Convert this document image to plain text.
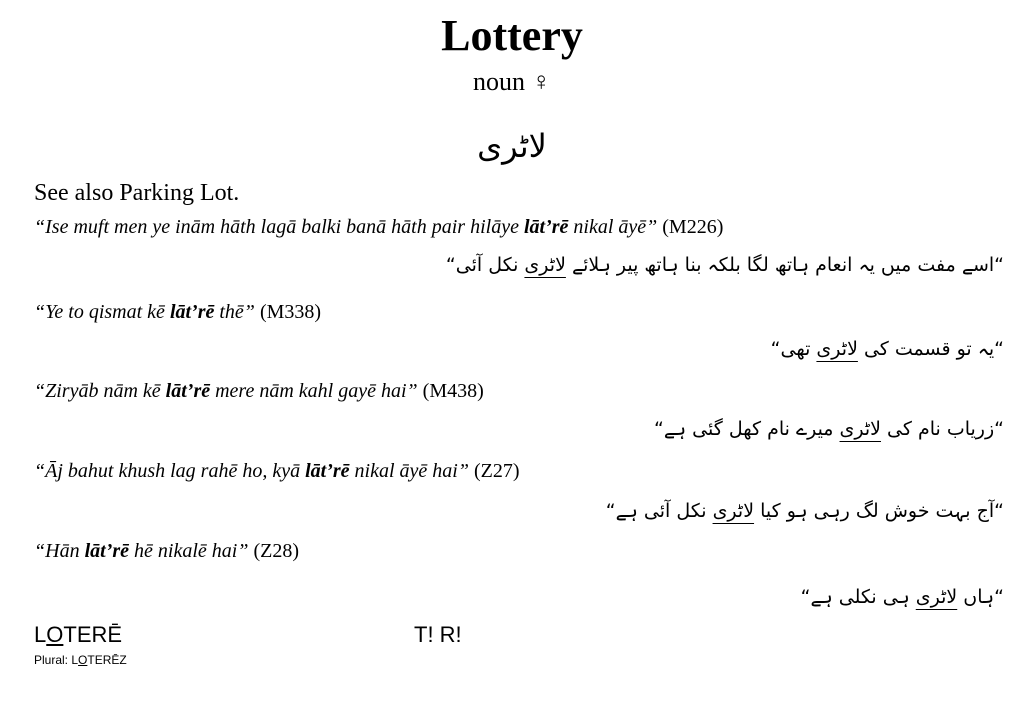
Lottery
noun ♀
لاٹری
See also Parking Lot.
“Ise muft men ye inām hāth lagā balki banā hāth pair hilāye lāt’rē nikal āyē” (M226)
“اسے مفت میں یہ انعام ہاتھ لگا بلکہ بنا ہاتھ پیر ہلائے لاٹری نکل آئی“
“Ye to qismat kē lāt’rē thē” (M338)
“یہ تو قسمت کی لاٹری تھی“
“Ziryāb nām kē lāt’rē mere nām kahl gayē hai” (M438)
“زریاب نام کی لاٹری میرے نام کھل گئی ہے“
“Āj bahut khush lag rahē ho, kyā lāt’rē nikal āyē hai” (Z27)
“آج بہت خوش لگ رہی ہو کیا لاٹری نکل آئی ہے“
“Hān lāt’rē hē nikalē hai” (Z28)
“ہاں لاٹری ہی نکلی ہے“
LOTERĒ	T! R!
Plural: LOTERĒZ
